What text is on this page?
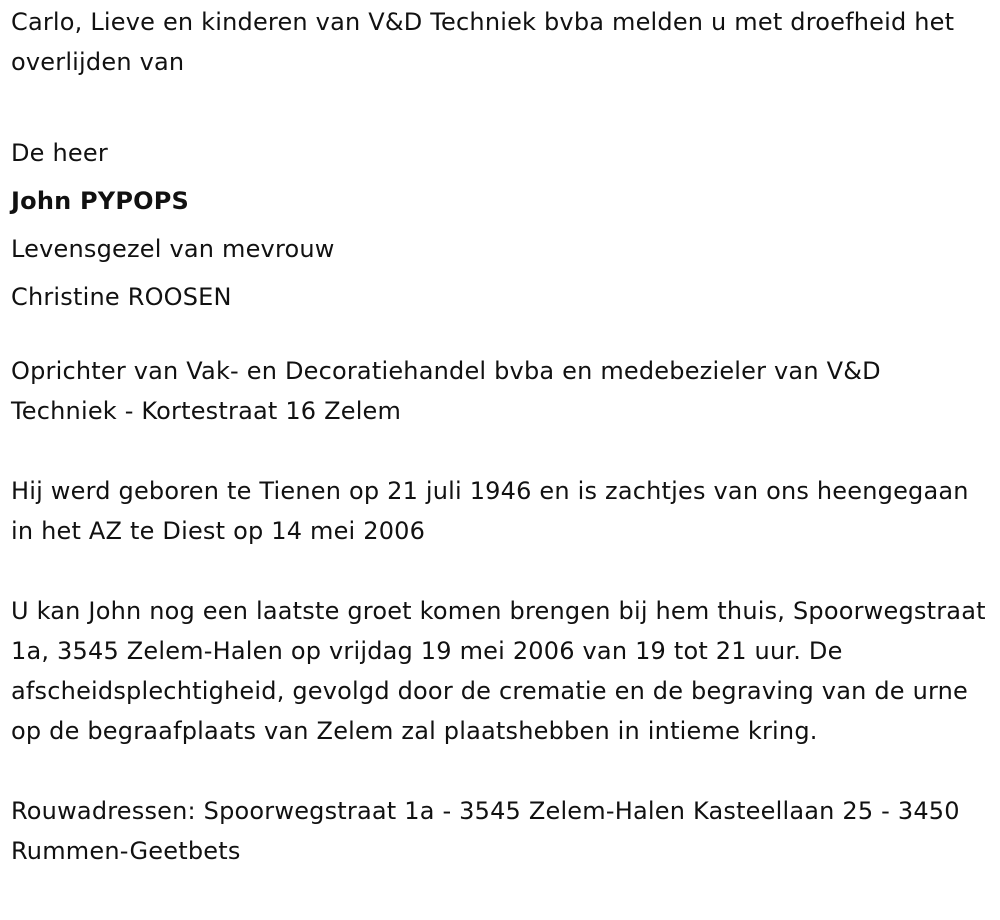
Carlo, Lieve en kinderen van V&D Techniek bvba melden u met droefheid het overlijden van

De heer
John PYPOPS
Levensgezel van mevrouw
Christine ROOSEN

Oprichter van Vak- en Decoratiehandel bvba en medebezieler van V&D Techniek - Kortestraat 16 Zelem

Hij werd geboren te Tienen op 21 juli 1946 en is zachtjes van ons heengegaan in het AZ te Diest op 14 mei 2006

U kan John nog een laatste groet komen brengen bij hem thuis, Spoorwegstraat 1a, 3545 Zelem-Halen op vrijdag 19 mei 2006 van 19 tot 21 uur. De afscheidsplechtigheid, gevolgd door de crematie en de begraving van de urne op de begraafplaats van Zelem zal plaatshebben in intieme kring.

Rouwadressen: Spoorwegstraat 1a - 3545 Zelem-Halen Kasteellaan 25 - 3450 Rummen-Geetbets
